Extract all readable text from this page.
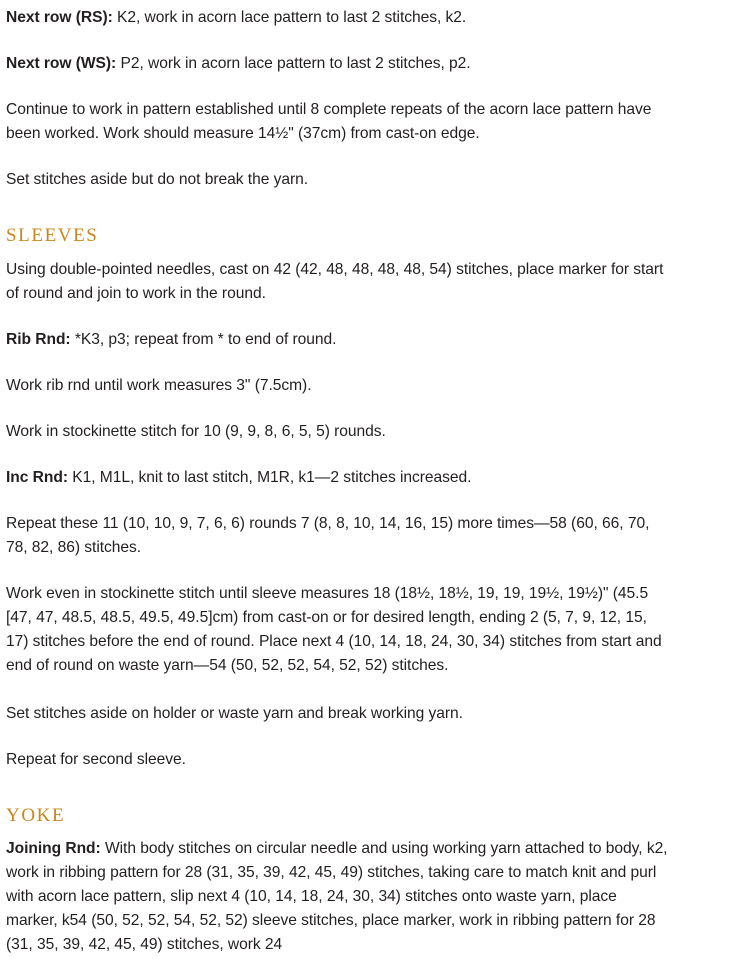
Next row (RS): K2, work in acorn lace pattern to last 2 stitches, k2.

Next row (WS): P2, work in acorn lace pattern to last 2 stitches, p2.

Continue to work in pattern established until 8 complete repeats of the acorn lace pattern have
been worked. Work should measure 14½" (37cm) from cast-on edge.

Set stitches aside but do not break the yarn.

SLEEVES

Using double-pointed needles, cast on 42 (42, 48, 48, 48, 48, 54) stitches, place marker for start
of round and join to work in the round.

Rib Rnd: *K3, p3; repeat from * to end of round.

Work rib rnd until work measures 3" (7.5cm).

Work in stockinette stitch for 10 (9, 9, 8, 6, 5, 5) rounds.

Inc Rnd: K1, M1L, knit to last stitch, M1R, k1—2 stitches increased.

Repeat these 11 (10, 10, 9, 7, 6, 6) rounds 7 (8, 8, 10, 14, 16, 15) more times—58 (60, 66, 70,
78, 82, 86) stitches.

Work even in stockinette stitch until sleeve measures 18 (18½, 18½, 19, 19, 19½, 19½)" (45.5
[47, 47, 48.5, 48.5, 49.5, 49.5]cm) from cast-on or for desired length, ending 2 (5, 7, 9, 12, 15,
17) stitches before the end of round. Place next 4 (10, 14, 18, 24, 30, 34) stitches from start and
end of round on waste yarn—54 (50, 52, 52, 54, 52, 52) stitches.

Set stitches aside on holder or waste yarn and break working yarn.

Repeat for second sleeve.

YOKE

Joining Rnd: With body stitches on circular needle and using working yarn attached to body, k2,
work in ribbing pattern for 28 (31, 35, 39, 42, 45, 49) stitches, taking care to match knit and purl
with acorn lace pattern, slip next 4 (10, 14, 18, 24, 30, 34) stitches onto waste yarn, place
marker, k54 (50, 52, 52, 54, 52, 52) sleeve stitches, place marker, work in ribbing pattern for 28
(31, 35, 39, 42, 45, 49) stitches, work 24
